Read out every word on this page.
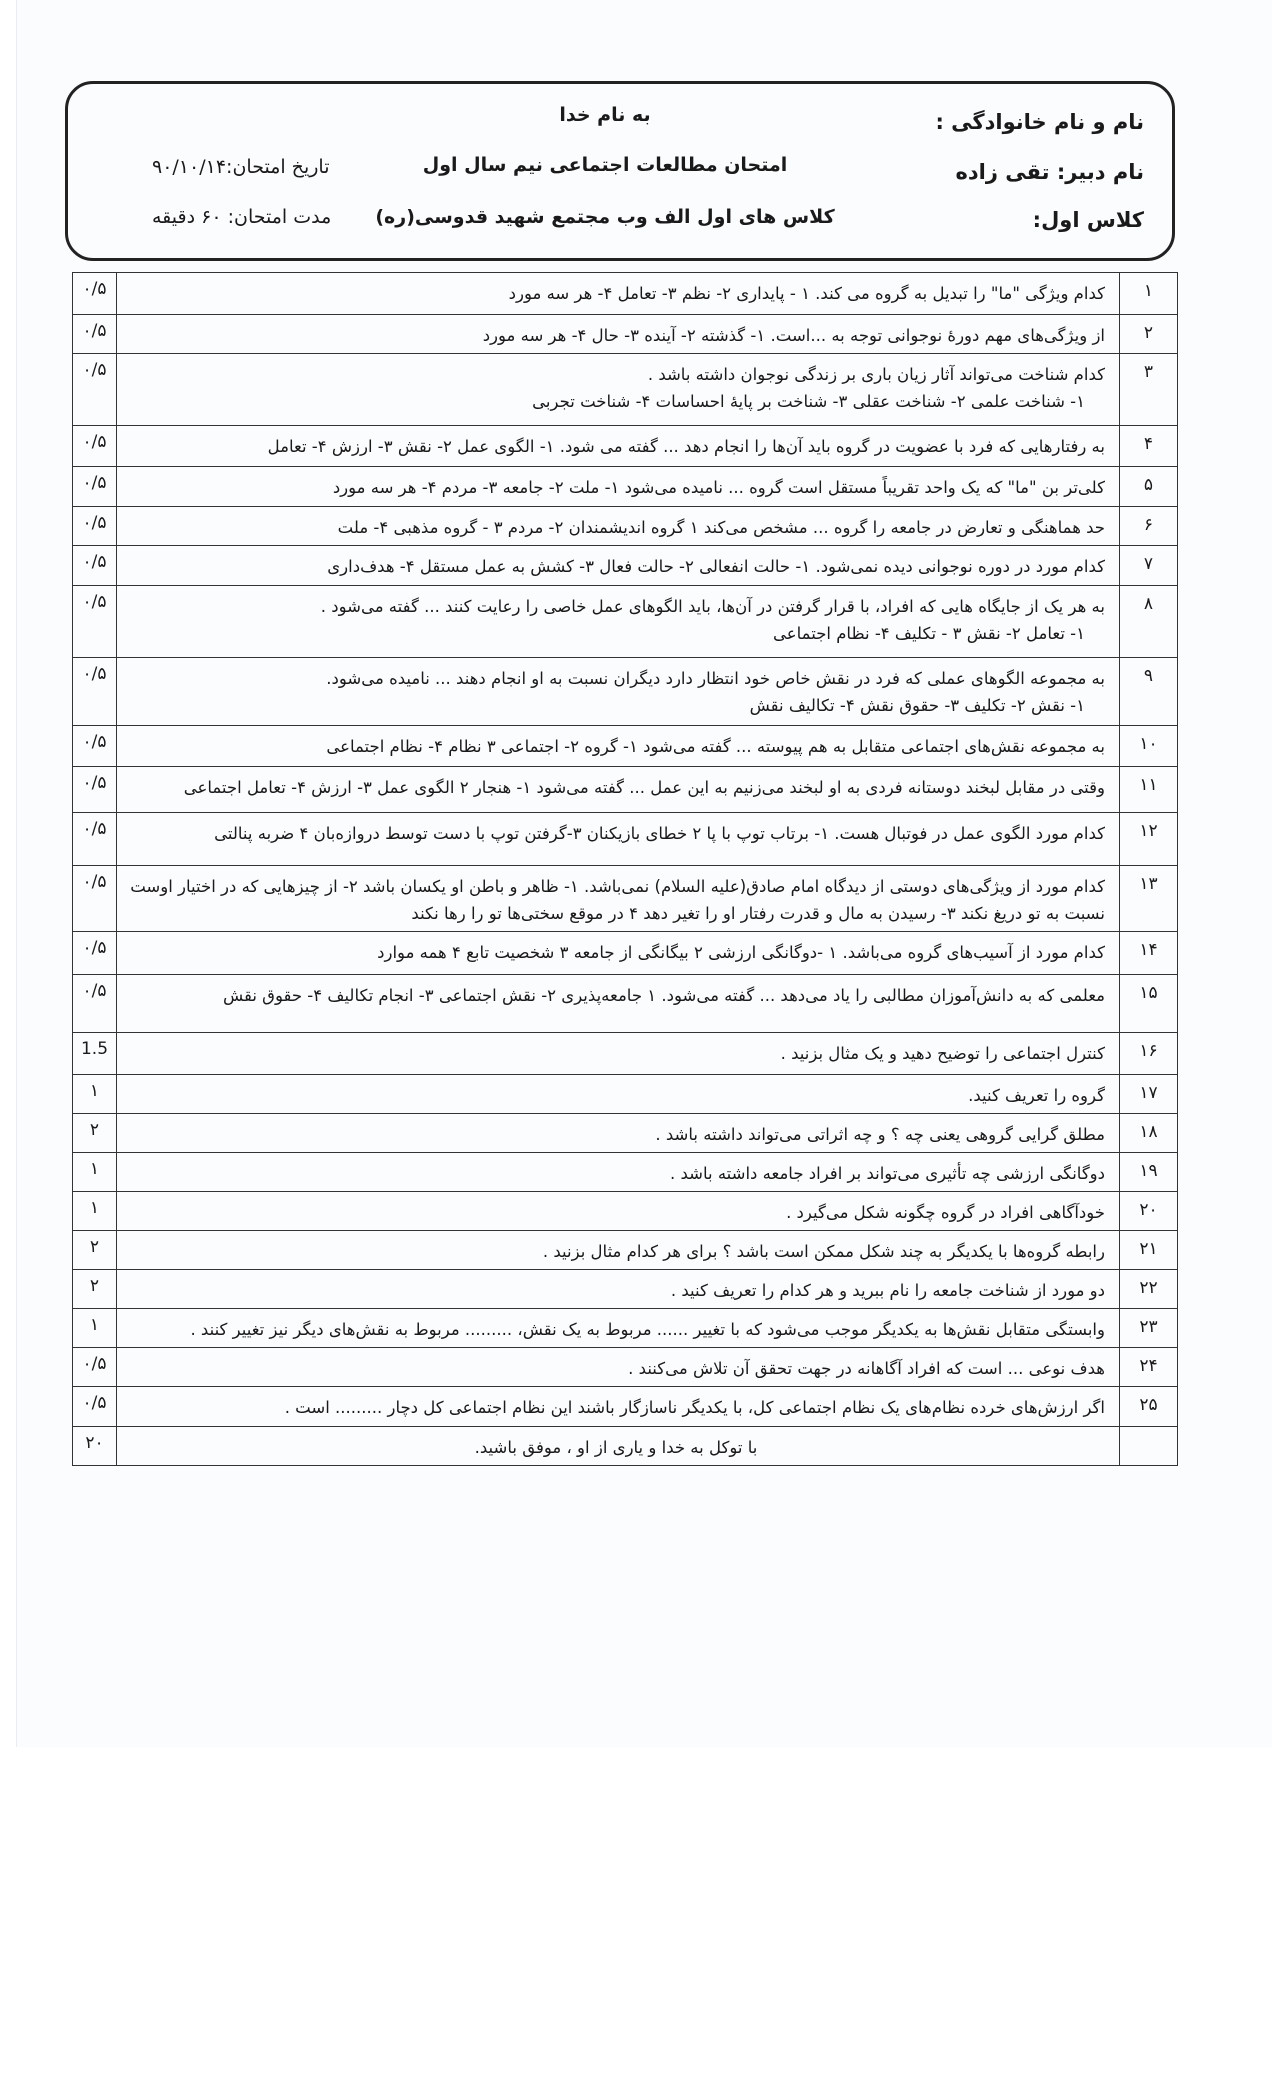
نام و نام خانوادگی :
نام دبیر: تقی زاده
کلاس اول:
به نام خدا
امتحان مطالعات اجتماعی نیم سال اول
کلاس های اول الف وب مجتمع شهید قدوسی(ره)
تاریخ امتحان:۹۰/۱۰/۱۴
مدت امتحان: ۶۰ دقیقه
۱	کدام ویژگی "ما" را تبدیل به گروه می کند. ۱ - پایداری ۲- نظم ۳- تعامل ۴- هر سه مورد	۰/۵
۲	از ویژگی‌های مهم دورهٔ نوجوانی توجه به ...است. ۱- گذشته ۲- آینده ۳- حال ۴- هر سه مورد	۰/۵
۳	کدام شناخت می‌تواند آثار زیان باری بر زندگی نوجوان داشته باشد .
۱- شناخت علمی ۲- شناخت عقلی ۳- شناخت بر پایهٔ احساسات ۴- شناخت تجربی	۰/۵
۴	به رفتارهایی که فرد با عضویت در گروه باید آن‌ها را انجام دهد ... گفته می شود. ۱- الگوی عمل ۲- نقش ۳- ارزش ۴- تعامل	۰/۵
۵	کلی‌تر بن "ما" که یک واحد تقریباً مستقل است گروه ... نامیده می‌شود ۱- ملت ۲- جامعه ۳- مردم ۴- هر سه مورد	۰/۵
۶	حد هماهنگی و تعارض در جامعه را گروه ... مشخص می‌کند ۱ گروه اندیشمندان ۲- مردم ۳ - گروه مذهبی ۴- ملت	۰/۵
۷	کدام مورد در دوره نوجوانی دیده نمی‌شود. ۱- حالت انفعالی ۲- حالت فعال ۳- کشش به عمل مستقل ۴- هدف‌داری	۰/۵
۸	به هر یک از جایگاه هایی که افراد، با قرار گرفتن در آن‌ها، باید الگوهای عمل خاصی را رعایت کنند ... گفته می‌شود .
۱- تعامل ۲- نقش ۳ - تکلیف ۴- نظام اجتماعی	۰/۵
۹	به مجموعه الگوهای عملی که فرد در نقش خاص خود انتظار دارد دیگران نسبت به او انجام دهند ... نامیده می‌شود.
۱- نقش ۲- تکلیف ۳- حقوق نقش ۴- تکالیف نقش	۰/۵
۱۰	به مجموعه نقش‌های اجتماعی متقابل به هم پیوسته ... گفته می‌شود ۱- گروه ۲- اجتماعی ۳ نظام ۴- نظام اجتماعی	۰/۵
۱۱	وقتی در مقابل لبخند دوستانه فردی به او لبخند می‌زنیم به این عمل ... گفته می‌شود ۱- هنجار ۲ الگوی عمل ۳- ارزش ۴- تعامل اجتماعی	۰/۵
۱۲	کدام مورد الگوی عمل در فوتبال هست. ۱- برتاب توپ با پا ۲ خطای بازیکنان ۳-گرفتن توپ با دست توسط دروازه‌بان ۴ ضربه پنالتی	۰/۵
۱۳	کدام مورد از ویژگی‌های دوستی از دیدگاه امام صادق(علیه السلام) نمی‌باشد. ۱- ظاهر و باطن او یکسان باشد ۲- از چیزهایی که در اختیار اوست
نسبت به تو دریغ نکند ۳- رسیدن به مال و قدرت رفتار او را تغیر دهد ۴ در موقع سختی‌ها تو را رها نکند	۰/۵
۱۴	کدام مورد از آسیب‌های گروه می‌باشد. ۱ -دوگانگی ارزشی ۲ بیگانگی از جامعه ۳ شخصیت تابع ۴ همه موارد	۰/۵
۱۵	معلمی که به دانش‌آموزان مطالبی را یاد می‌دهد ... گفته می‌شود. ۱ جامعه‌پذیری ۲- نقش اجتماعی ۳- انجام تکالیف ۴- حقوق نقش	۰/۵
۱۶	کنترل اجتماعی را توضیح دهید و یک مثال بزنید .	1.5
۱۷	گروه را تعریف کنید.	۱
۱۸	مطلق گرایی گروهی یعنی چه ؟ و چه اثراتی می‌تواند داشته باشد .	۲
۱۹	دوگانگی ارزشی چه تأثیری می‌تواند بر افراد جامعه داشته باشد .	۱
۲۰	خودآگاهی افراد در گروه چگونه شکل می‌گیرد .	۱
۲۱	رابطه گروه‌ها با یکدیگر به چند شکل ممکن است باشد ؟ برای هر کدام مثال بزنید .	۲
۲۲	دو مورد از شناخت جامعه را نام ببرید و هر کدام را تعریف کنید .	۲
۲۳	وابستگی متقابل نقش‌ها به یکدیگر موجب می‌شود که با تغییر ...... مربوط به یک نقش، ......... مربوط به نقش‌های دیگر نیز تغییر کنند .	۱
۲۴	هدف نوعی ... است که افراد آگاهانه در جهت تحقق آن تلاش می‌کنند .	۰/۵
۲۵	اگر ارزش‌های خرده نظام‌های یک نظام اجتماعی کل، با یکدیگر ناسازگار باشند این نظام اجتماعی کل دچار ......... است .	۰/۵
	با توکل به خدا و یاری از او ، موفق باشید.	۲۰
